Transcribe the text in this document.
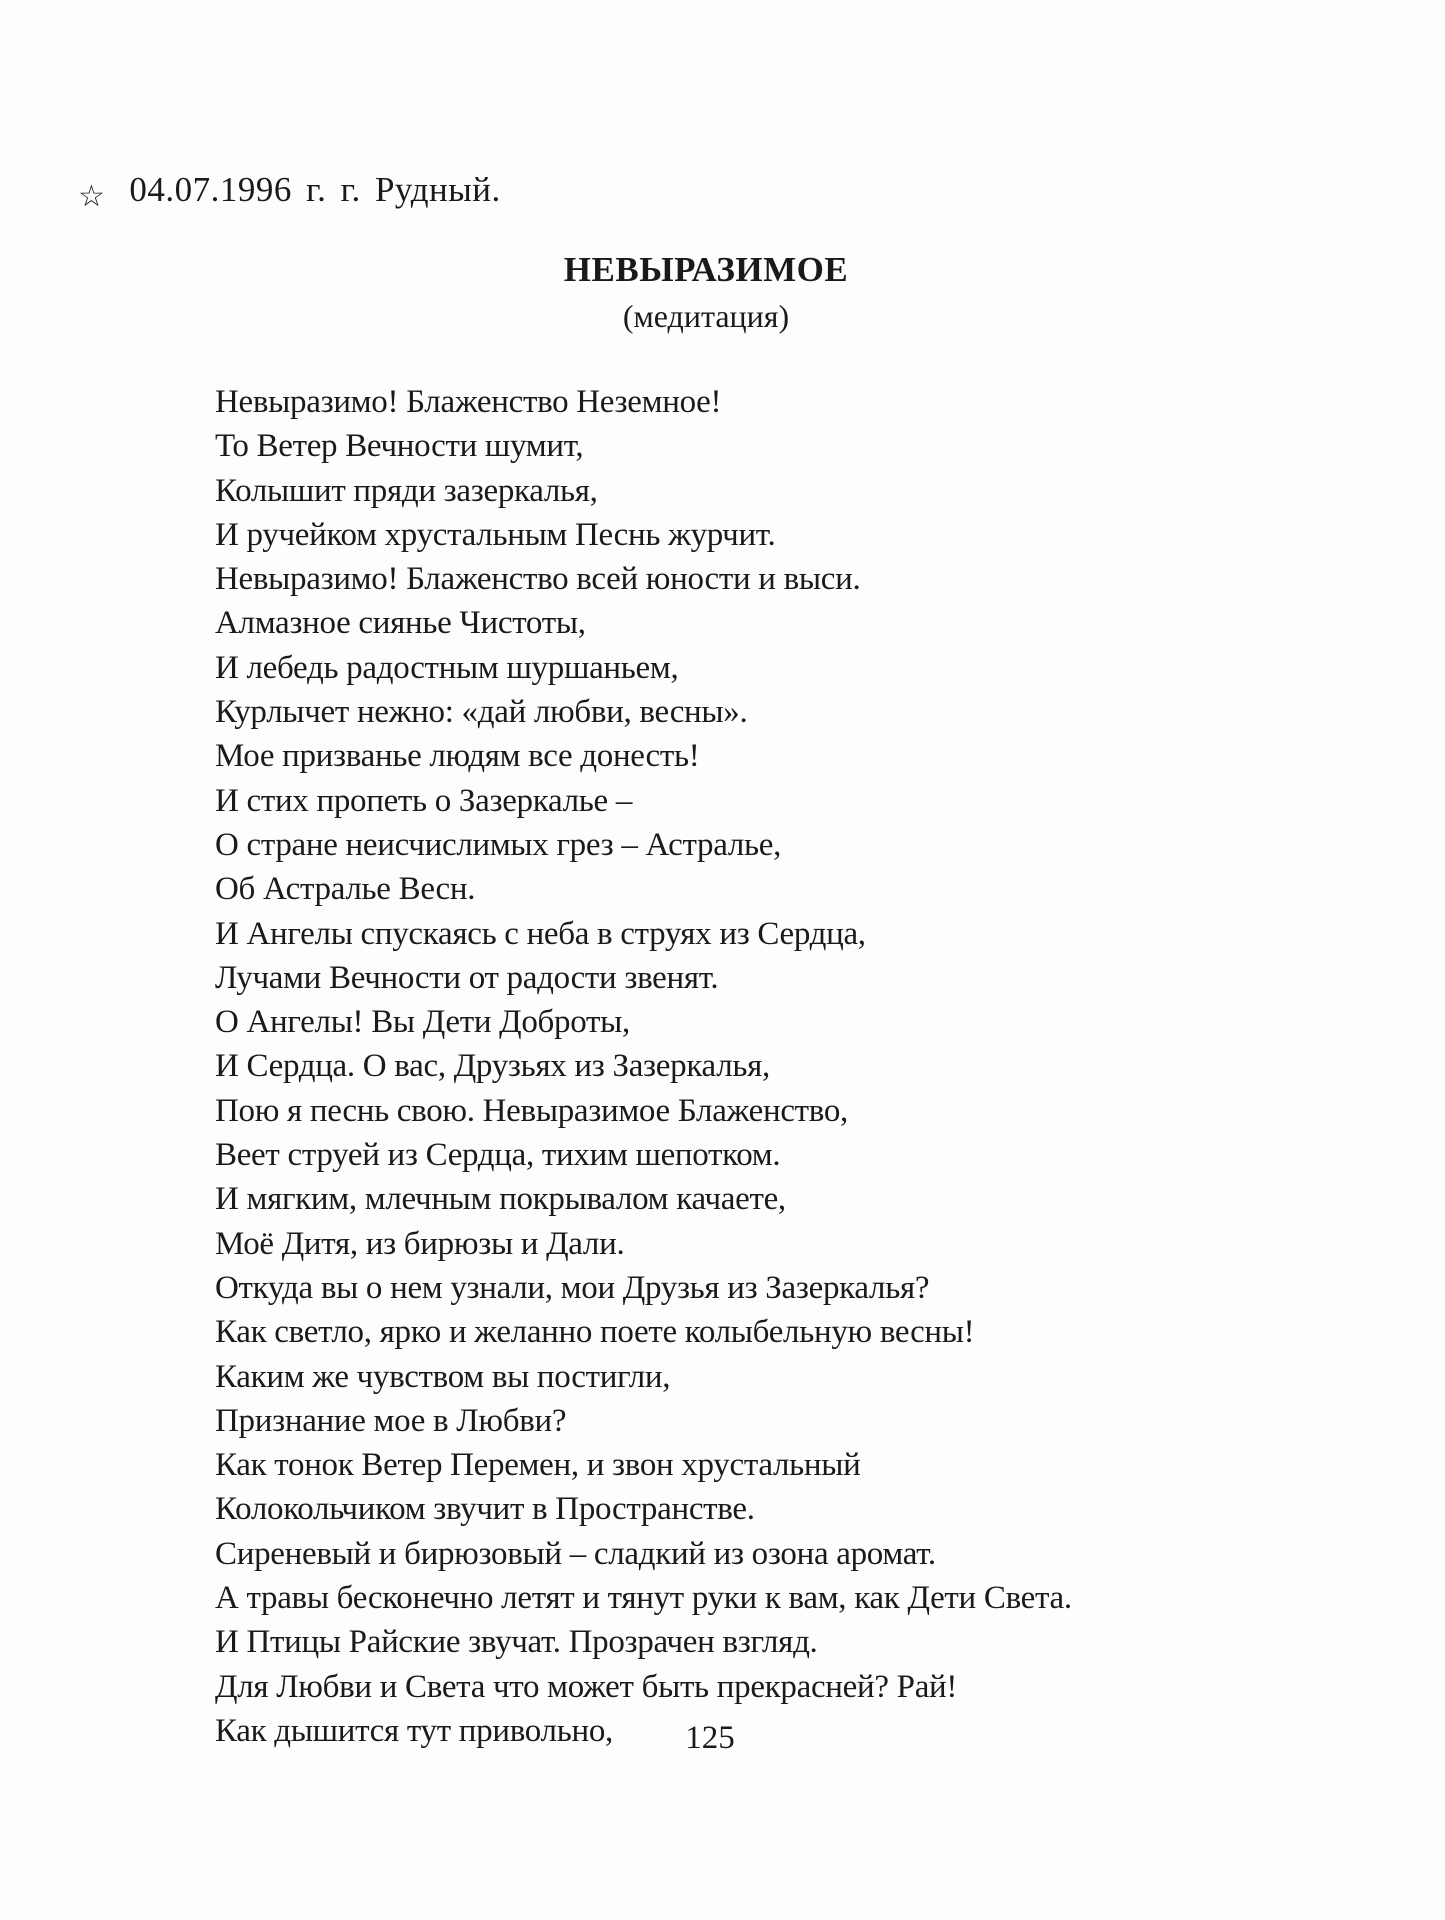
☆ 04.07.1996 г. г. Рудный.
НЕВЫРАЗИМОЕ
(медитация)
Невыразимо! Блаженство Неземное!
То Ветер Вечности шумит,
Колышит пряди зазеркалья,
И ручейком хрустальным Песнь журчит.
Невыразимо! Блаженство всей юности и выси.
Алмазное сиянье Чистоты,
И лебедь радостным шуршаньем,
Курлычет нежно: «дай любви, весны».
Мое призванье людям все донесть!
И стих пропеть о Зазеркалье –
О стране неисчислимых грез – Астралье,
Об Астралье Весн.
И Ангелы спускаясь с неба в струях из Сердца,
Лучами Вечности от радости звенят.
О Ангелы! Вы Дети Доброты,
И Сердца. О вас, Друзьях из Зазеркалья,
Пою я песнь свою. Невыразимое Блаженство,
Веет струей из Сердца, тихим шепотком.
И мягким, млечным покрывалом качаете,
Моё Дитя, из бирюзы и Дали.
Откуда вы о нем узнали, мои Друзья из Зазеркалья?
Как светло, ярко и желанно поете колыбельную весны!
Каким же чувством вы постигли,
Признание мое в Любви?
Как тонок Ветер Перемен, и звон хрустальный
Колокольчиком звучит в Пространстве.
Сиреневый и бирюзовый – сладкий из озона аромат.
А травы бесконечно летят и тянут руки к вам, как Дети Света.
И Птицы Райские звучат. Прозрачен взгляд.
Для Любви и Света что может быть прекрасней? Рай!
Как дышится тут привольно,	125
